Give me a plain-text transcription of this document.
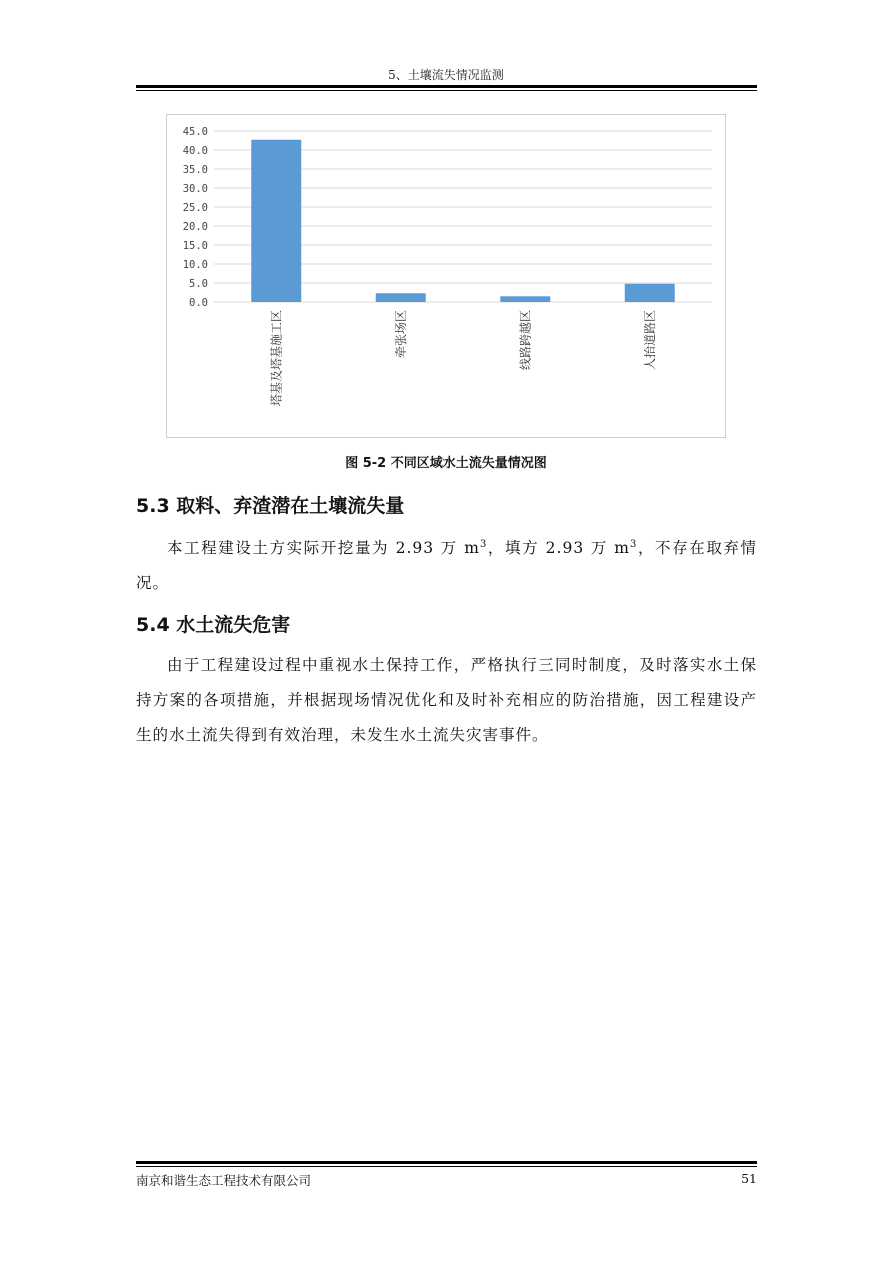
5、土壤流失情况监测
45.0
40.0
35.0
30.0
25.0
20.0
15.0
10.0
5.0
0.0
塔基及塔基施工区	牵张场区	线路跨越区	人抬道路区
图 5-2 不同区域水土流失量情况图
5.3 取料、弃渣潜在土壤流失量
本工程建设土方实际开挖量为 2.93 万 $m^3$，填方 2.93 万 $m^3$，不存在取弃情况。
5.4 水土流失危害
由于工程建设过程中重视水土保持工作，严格执行三同时制度，及时落实水土保持方案的各项措施，并根据现场情况优化和及时补充相应的防治措施，因工程建设产生的水土流失得到有效治理，未发生水土流失灾害事件。
南京和谐生态工程技术有限公司	51
